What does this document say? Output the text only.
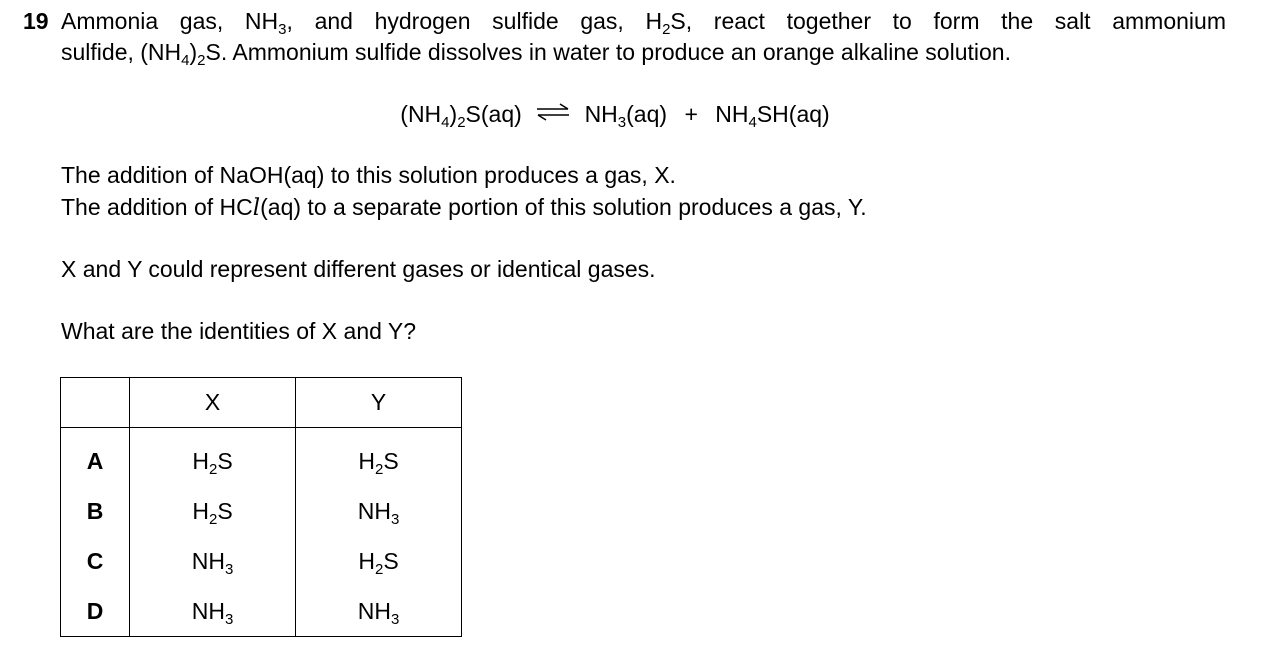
19 Ammonia gas, $NH_3$, and hydrogen sulfide gas, $H_2S$, react together to form the salt ammonium
sulfide, $(NH_4)_2S$. Ammonium sulfide dissolves in water to produce an orange alkaline solution.
$(NH_4)_2S(aq)$ ⇌ $NH_3(aq) + NH_4SH(aq)$
The addition of NaOH(aq) to this solution produces a gas, X.
The addition of HCl(aq) to a separate portion of this solution produces a gas, Y.
X and Y could represent different gases or identical gases.
What are the identities of X and Y?
	X	Y
A	$H_2S$	$H_2S$
B	$H_2S$	$NH_3$
C	$NH_3$	$H_2S$
D	$NH_3$	$NH_3$
